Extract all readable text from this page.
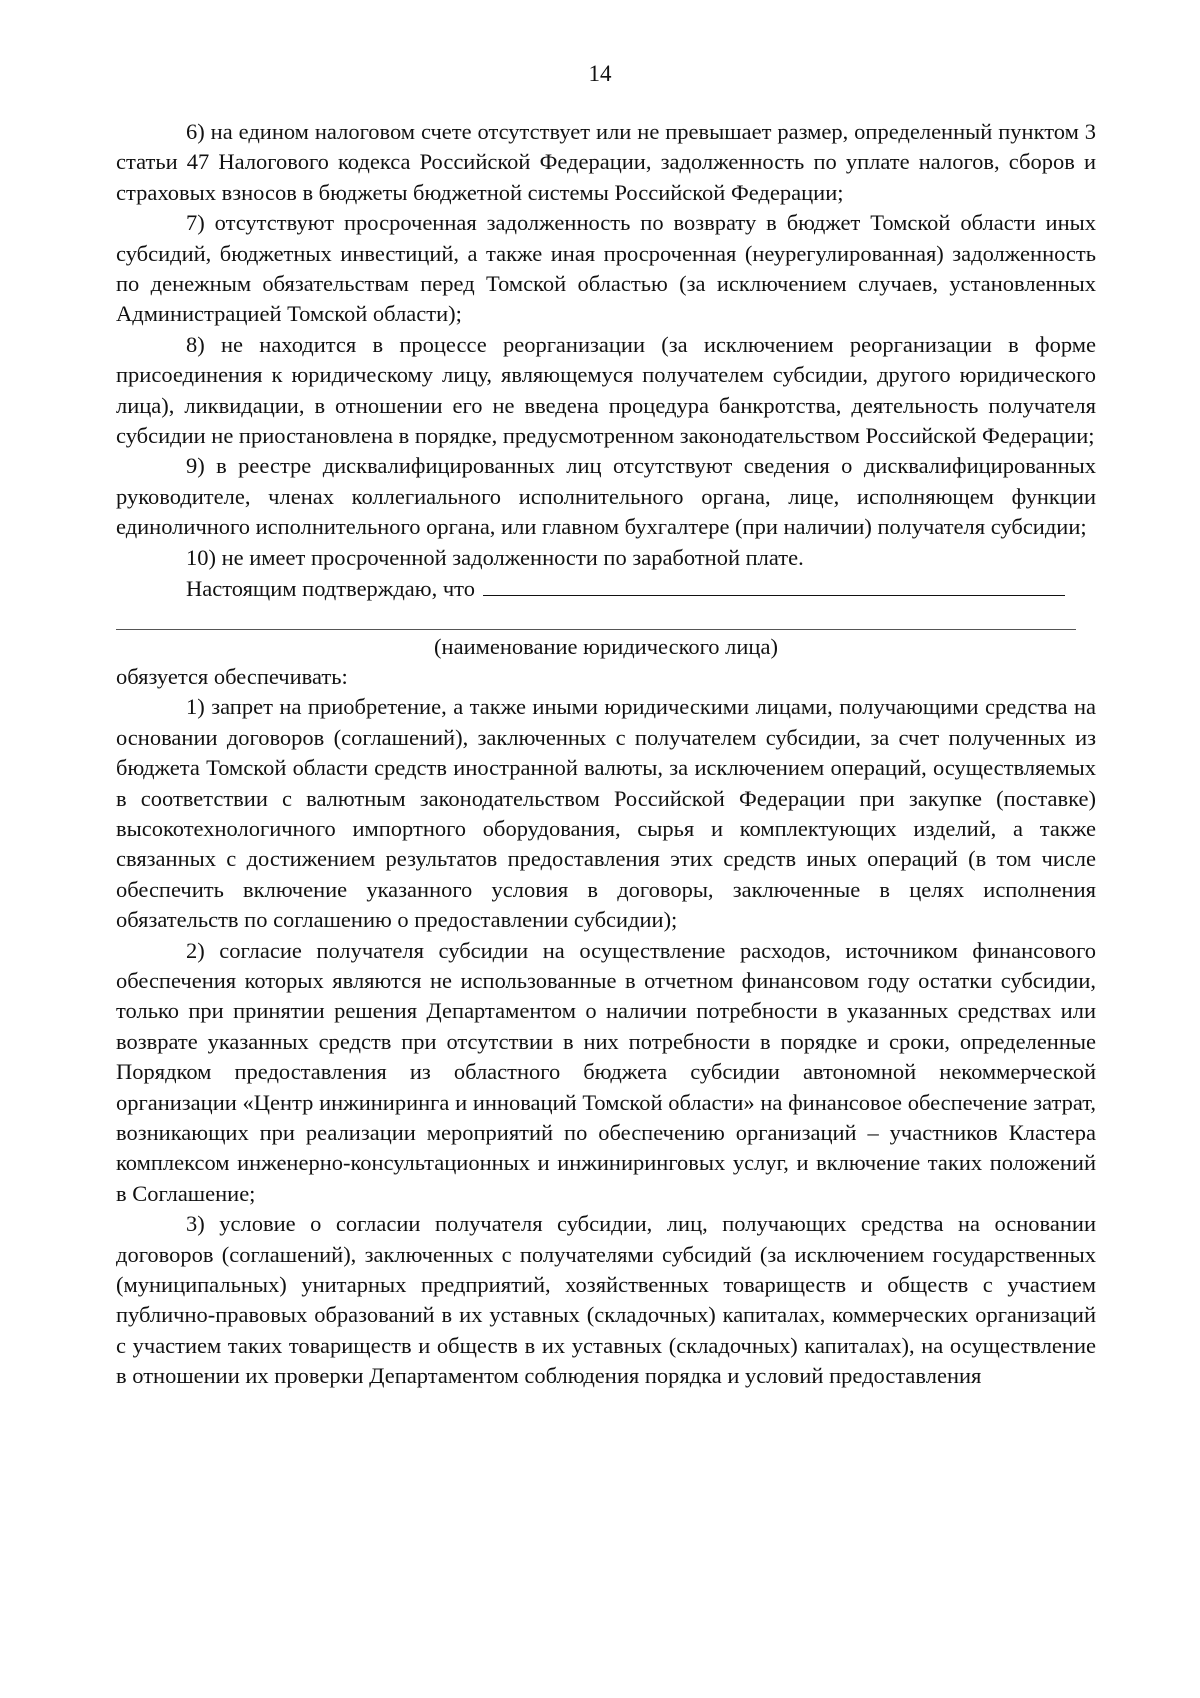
14

6) на едином налоговом счете отсутствует или не превышает размер, определенный пунктом 3 статьи 47 Налогового кодекса Российской Федерации, задолженность по уплате налогов, сборов и страховых взносов в бюджеты бюджетной системы Российской Федерации;

7) отсутствуют просроченная задолженность по возврату в бюджет Томской области иных субсидий, бюджетных инвестиций, а также иная просроченная (неурегулированная) задолженность по денежным обязательствам перед Томской областью (за исключением случаев, установленных Администрацией Томской области);

8) не находится в процессе реорганизации (за исключением реорганизации в форме присоединения к юридическому лицу, являющемуся получателем субсидии, другого юридического лица), ликвидации, в отношении его не введена процедура банкротства, деятельность получателя субсидии не приостановлена в порядке, предусмотренном законодательством Российской Федерации;

9) в реестре дисквалифицированных лиц отсутствуют сведения о дисквалифицированных руководителе, членах коллегиального исполнительного органа, лице, исполняющем функции единоличного исполнительного органа, или главном бухгалтере (при наличии) получателя субсидии;

10) не имеет просроченной задолженности по заработной плате.

Настоящим подтверждаю, что

(наименование юридического лица)

обязуется обеспечивать:

1) запрет на приобретение, а также иными юридическими лицами, получающими средства на основании договоров (соглашений), заключенных с получателем субсидии, за счет полученных из бюджета Томской области средств иностранной валюты, за исключением операций, осуществляемых в соответствии с валютным законодательством Российской Федерации при закупке (поставке) высокотехнологичного импортного оборудования, сырья и комплектующих изделий, а также связанных с достижением результатов предоставления этих средств иных операций (в том числе обеспечить включение указанного условия в договоры, заключенные в целях исполнения обязательств по соглашению о предоставлении субсидии);

2) согласие получателя субсидии на осуществление расходов, источником финансового обеспечения которых являются не использованные в отчетном финансовом году остатки субсидии, только при принятии решения Департаментом о наличии потребности в указанных средствах или возврате указанных средств при отсутствии в них потребности в порядке и сроки, определенные Порядком предоставления из областного бюджета субсидии автономной некоммерческой организации «Центр инжиниринга и инноваций Томской области» на финансовое обеспечение затрат, возникающих при реализации мероприятий по обеспечению организаций – участников Кластера комплексом инженерно-консультационных и инжиниринговых услуг, и включение таких положений в Соглашение;

3) условие о согласии получателя субсидии, лиц, получающих средства на основании договоров (соглашений), заключенных с получателями субсидий (за исключением государственных (муниципальных) унитарных предприятий, хозяйственных товариществ и обществ с участием публично-правовых образований в их уставных (складочных) капиталах, коммерческих организаций с участием таких товариществ и обществ в их уставных (складочных) капиталах), на осуществление в отношении их проверки Департаментом соблюдения порядка и условий предоставления
